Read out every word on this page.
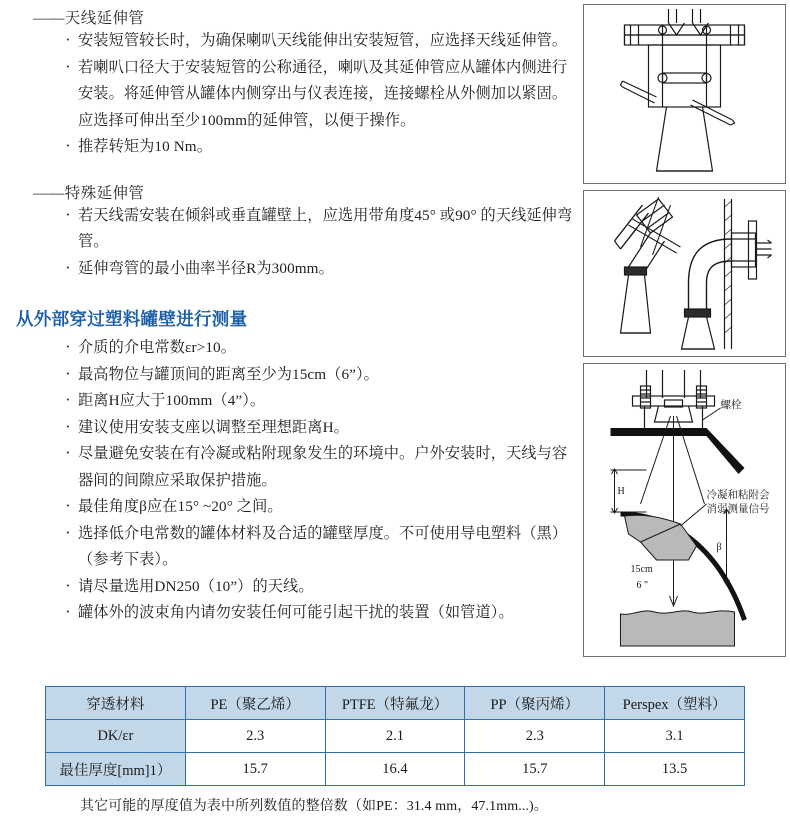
——天线延伸管

· 安装短管较长时，为确保喇叭天线能伸出安装短管，应选择天线延伸管。
· 若喇叭口径大于安装短管的公称通径，喇叭及其延伸管应从罐体内侧进行安装。将延伸管从罐体内侧穿出与仪表连接，连接螺栓从外侧加以紧固。应选择可伸出至少100mm的延伸管，以便于操作。
· 推荐转矩为10 Nm。

——特殊延伸管

· 若天线需安装在倾斜或垂直罐壁上，应选用带角度45° 或90° 的天线延伸弯管。
· 延伸弯管的最小曲率半径R为300mm。

从外部穿过塑料罐壁进行测量

· 介质的介电常数εr>10。
· 最高物位与罐顶间的距离至少为15cm（6”）。
· 距离H应大于100mm（4”）。
· 建议使用安装支座以调整至理想距离H。
· 尽量避免安装在有冷凝或粘附现象发生的环境中。户外安装时，天线与容器间的间隙应采取保护措施。
· 最佳角度β应在15° ~20° 之间。
· 选择低介电常数的罐体材料及合适的罐壁厚度。不可使用导电塑料（黑）（参考下表）。
· 请尽量选用DN250（10”）的天线。
· 罐体外的波束角内请勿安装任何可能引起干扰的装置（如管道）。
H
β
螺栓
冷凝和粘附会
消弱测量信号
15cm
6 "
穿透材料	PE（聚乙烯）	PTFE（特氟龙）	PP（聚丙烯）	Perspex（塑料）
DK/εr	2.3	2.1	2.3	3.1
最佳厚度[mm]1）	15.7	16.4	15.7	13.5
其它可能的厚度值为表中所列数值的整倍数（如PE：31.4 mm，47.1mm...)。
